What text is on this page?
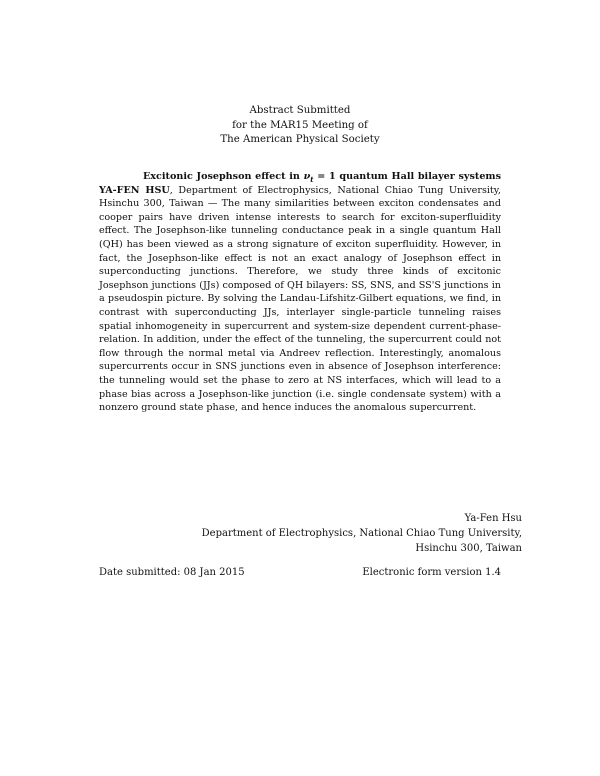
Abstract Submitted
for the MAR15 Meeting of
The American Physical Society
Excitonic Josephson effect in $\nu_t = 1$ quantum Hall bilayer systems YA-FEN HSU, Department of Electrophysics, National Chiao Tung University, Hsinchu 300, Taiwan — The many similarities between exciton condensates and cooper pairs have driven intense interests to search for exciton-superfluidity effect. The Josephson-like tunneling conductance peak in a single quantum Hall (QH) has been viewed as a strong signature of exciton superfluidity. However, in fact, the Josephson-like effect is not an exact analogy of Josephson effect in superconducting junctions. Therefore, we study three kinds of excitonic Josephson junctions (JJs) composed of QH bilayers: SS, SNS, and SS'S junctions in a pseudospin picture. By solving the Landau-Lifshitz-Gilbert equations, we find, in contrast with superconducting JJs, interlayer single-particle tunneling raises spatial inhomogeneity in supercurrent and system-size dependent current-phase-relation. In addition, under the effect of the tunneling, the supercurrent could not flow through the normal metal via Andreev reflection. Interestingly, anomalous supercurrents occur in SNS junctions even in absence of Josephson interference: the tunneling would set the phase to zero at NS interfaces, which will lead to a phase bias across a Josephson-like junction (i.e. single condensate system) with a nonzero ground state phase, and hence induces the anomalous supercurrent.
Ya-Fen Hsu
Department of Electrophysics, National Chiao Tung University,
Hsinchu 300, Taiwan
Date submitted: 08 Jan 2015	Electronic form version 1.4
